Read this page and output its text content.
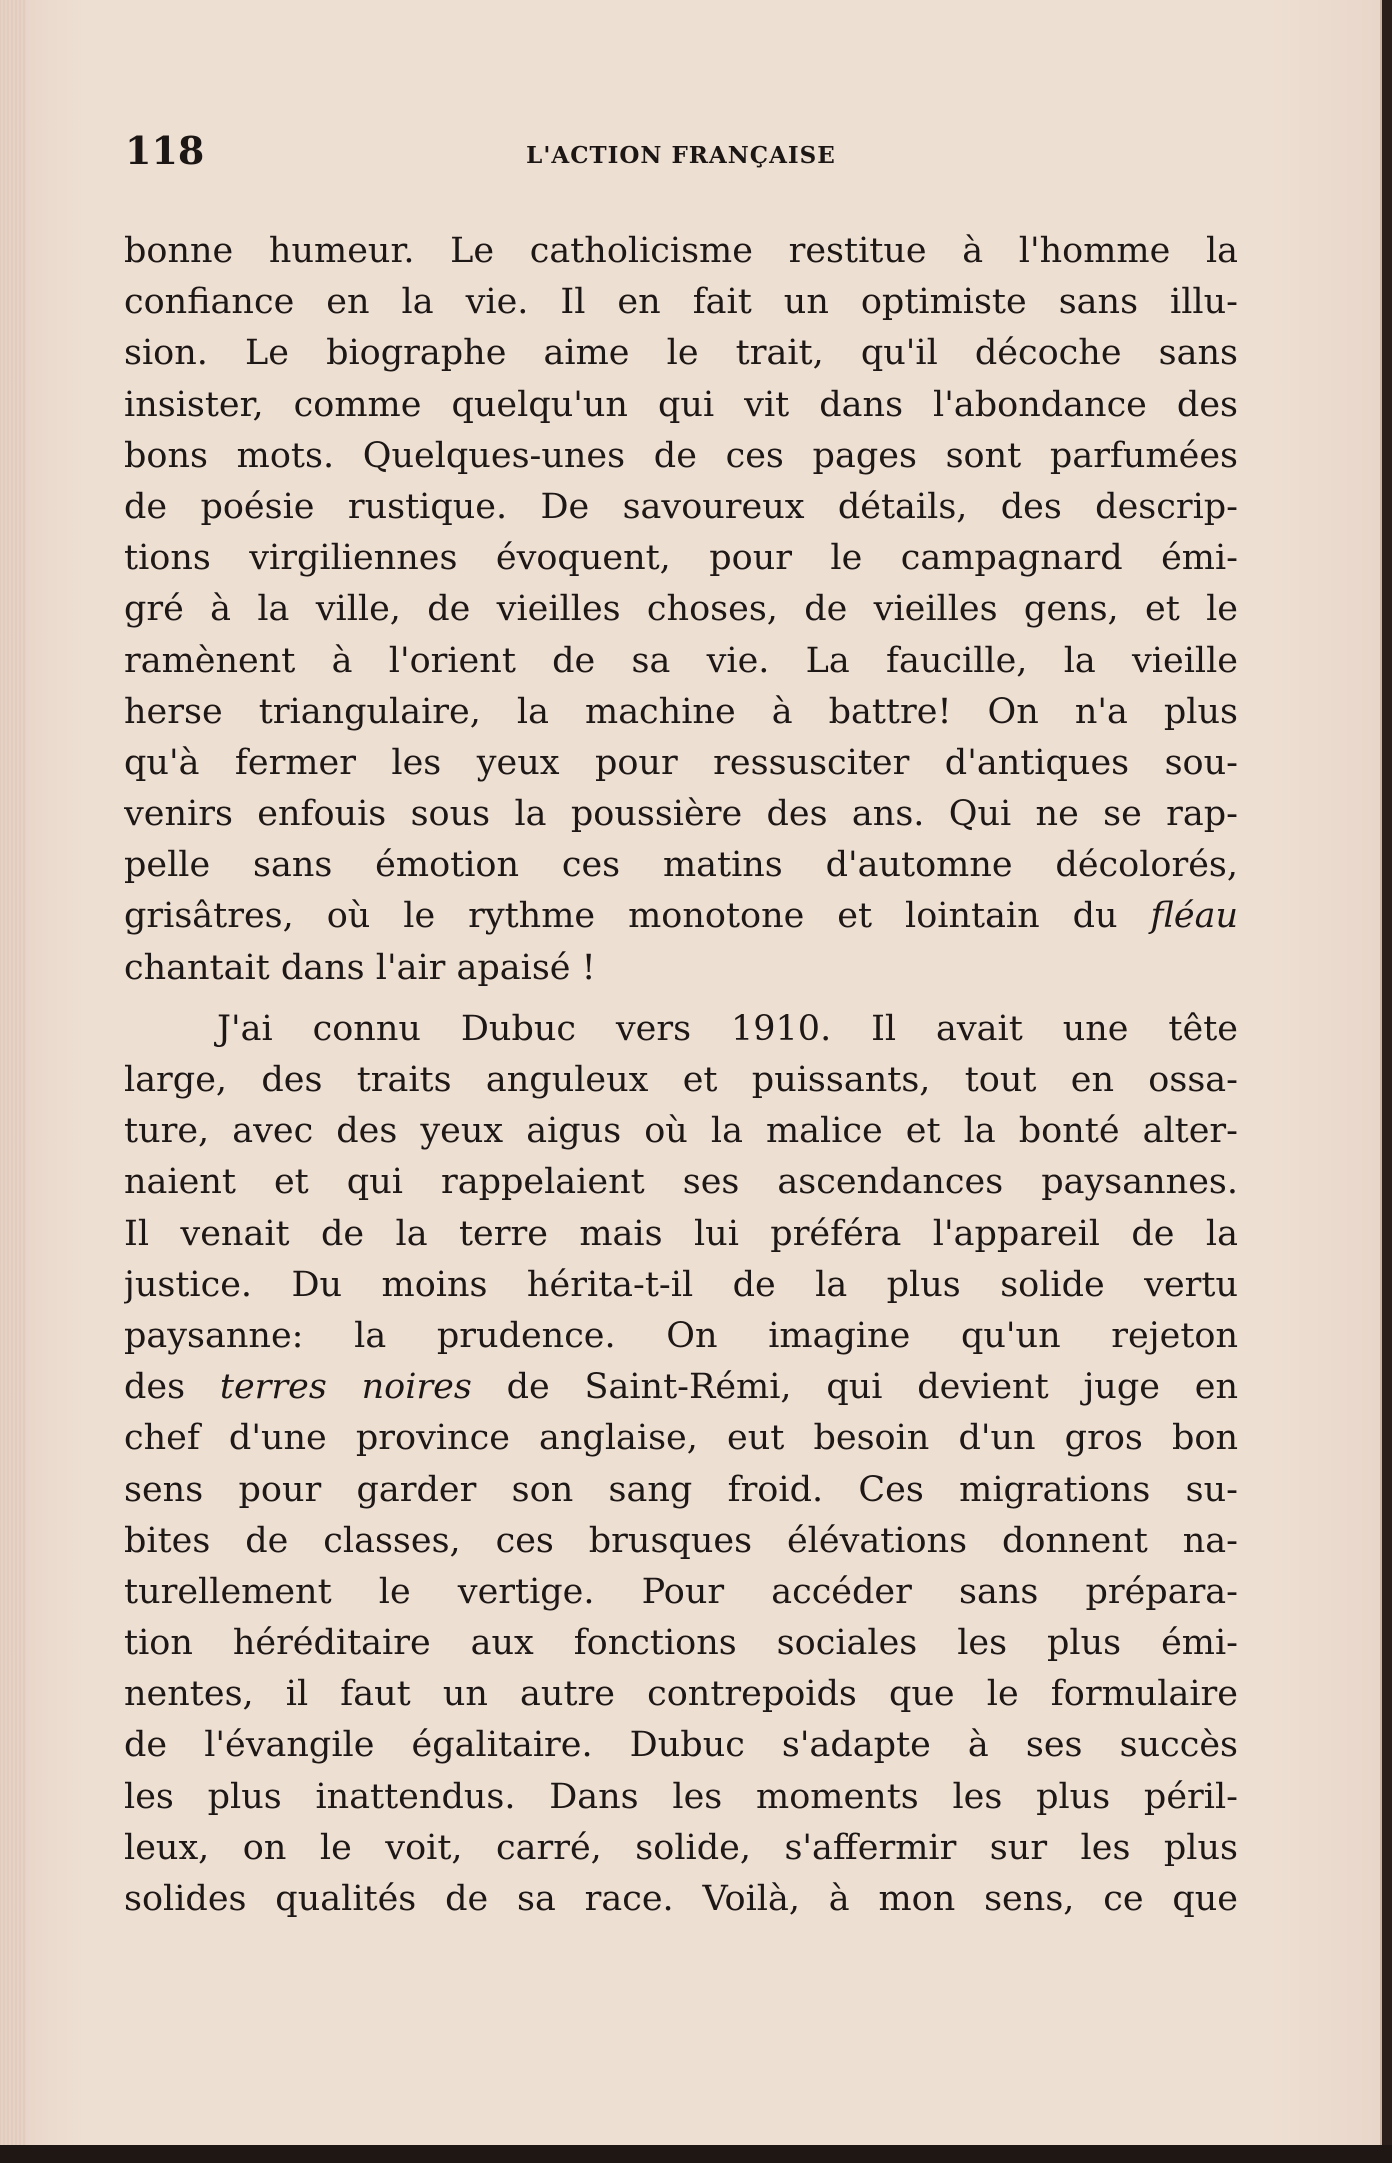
118	L'ACTION FRANÇAISE
bonne humeur. Le catholicisme restitue à l'homme la
confiance en la vie. Il en fait un optimiste sans illu-
sion. Le biographe aime le trait, qu'il décoche sans
insister, comme quelqu'un qui vit dans l'abondance des
bons mots. Quelques-unes de ces pages sont parfumées
de poésie rustique. De savoureux détails, des descrip-
tions virgiliennes évoquent, pour le campagnard émi-
gré à la ville, de vieilles choses, de vieilles gens, et le
ramènent à l'orient de sa vie. La faucille, la vieille
herse triangulaire, la machine à battre! On n'a plus
qu'à fermer les yeux pour ressusciter d'antiques sou-
venirs enfouis sous la poussière des ans. Qui ne se rap-
pelle sans émotion ces matins d'automne décolorés,
grisâtres, où le rythme monotone et lointain du fléau
chantait dans l'air apaisé !
J'ai connu Dubuc vers 1910. Il avait une tête
large, des traits anguleux et puissants, tout en ossa-
ture, avec des yeux aigus où la malice et la bonté alter-
naient et qui rappelaient ses ascendances paysannes.
Il venait de la terre mais lui préféra l'appareil de la
justice. Du moins hérita-t-il de la plus solide vertu
paysanne: la prudence. On imagine qu'un rejeton
des terres noires de Saint-Rémi, qui devient juge en
chef d'une province anglaise, eut besoin d'un gros bon
sens pour garder son sang froid. Ces migrations su-
bites de classes, ces brusques élévations donnent na-
turellement le vertige. Pour accéder sans prépara-
tion héréditaire aux fonctions sociales les plus émi-
nentes, il faut un autre contrepoids que le formulaire
de l'évangile égalitaire. Dubuc s'adapte à ses succès
les plus inattendus. Dans les moments les plus péril-
leux, on le voit, carré, solide, s'affermir sur les plus
solides qualités de sa race. Voilà, à mon sens, ce que
